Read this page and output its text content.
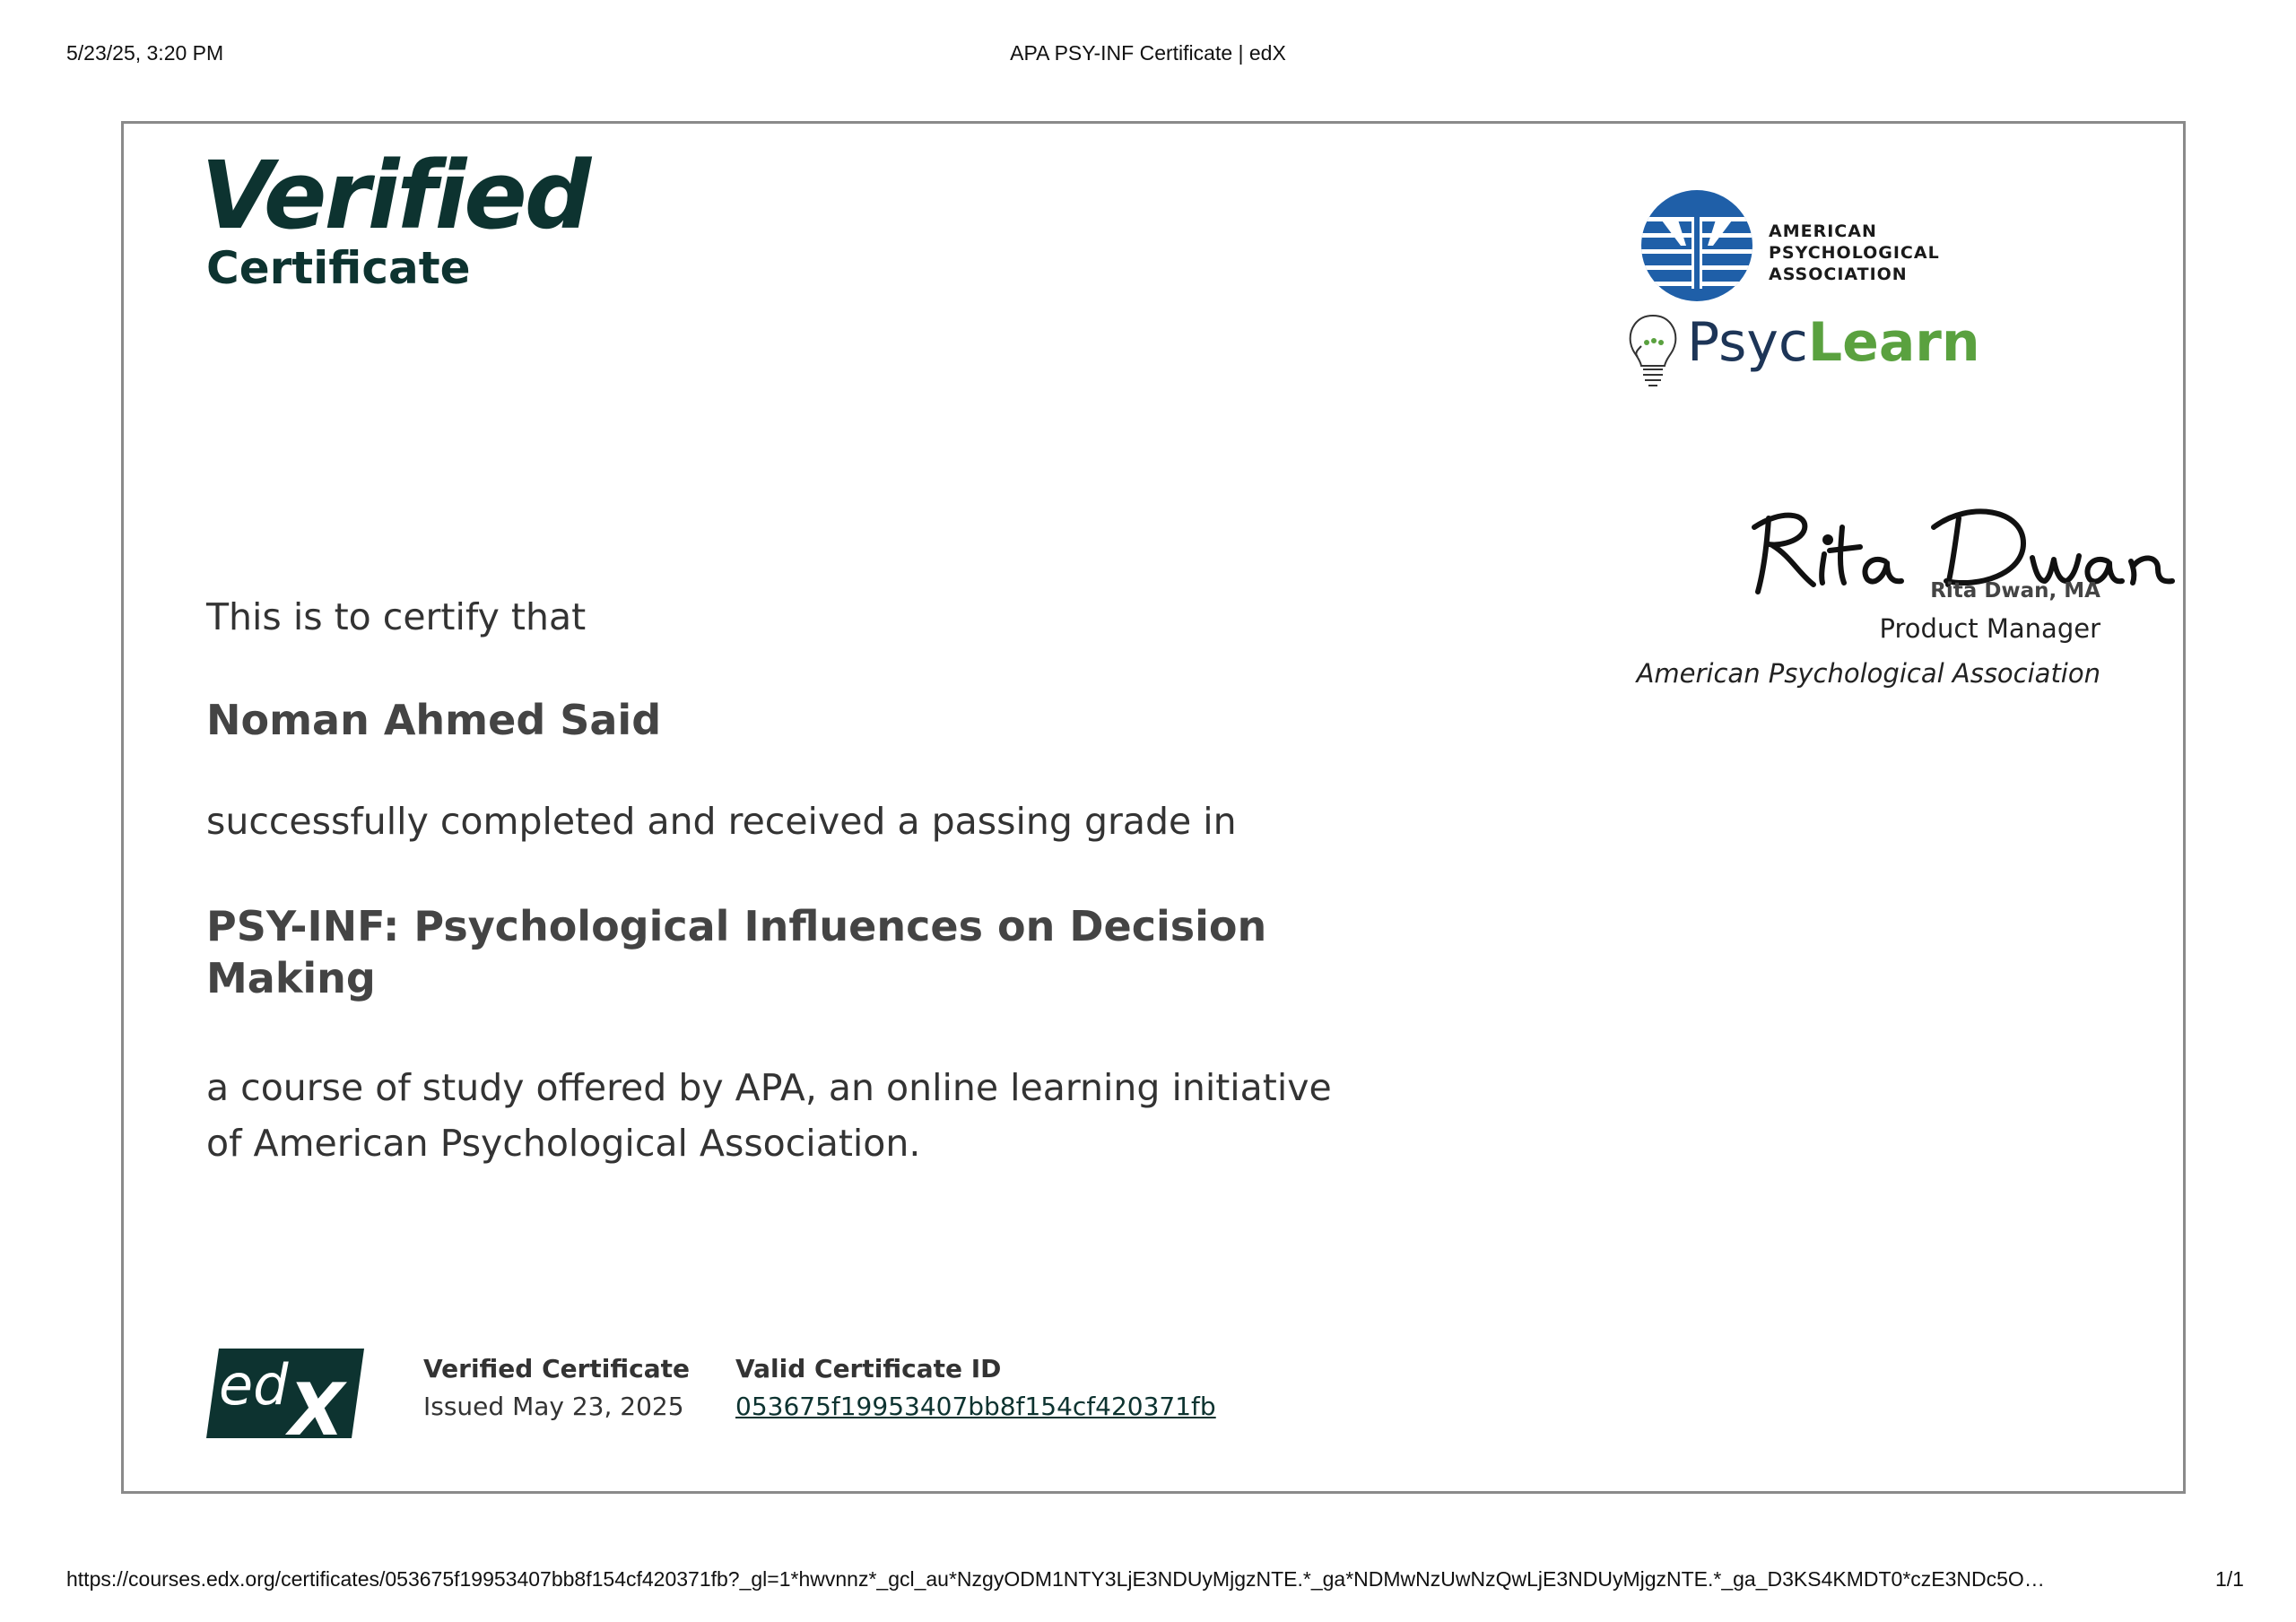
5/23/25, 3:20 PM	APA PSY-INF Certificate | edX
Verified
Certificate
AMERICAN
PSYCHOLOGICAL
ASSOCIATION
PsycLearn
Rita Dwan, MA
Product Manager
American Psychological Association
This is to certify that
Noman Ahmed Said
successfully completed and received a passing grade in
PSY-INF: Psychological Influences on Decision Making
a course of study offered by APA, an online learning initiative of American Psychological Association.
ed X	Verified Certificate
Issued May 23, 2025
Valid Certificate ID
053675f19953407bb8f154cf420371fb
https://courses.edx.org/certificates/053675f19953407bb8f154cf420371fb?_gl=1*hwvnnz*_gcl_au*NzgyODM1NTY3LjE3NDUyMjgzNTE.*_ga*NDMwNzUwNzQwLjE3NDUyMjgzNTE.*_ga_D3KS4KMDT0*czE3NDc5O…	1/1
